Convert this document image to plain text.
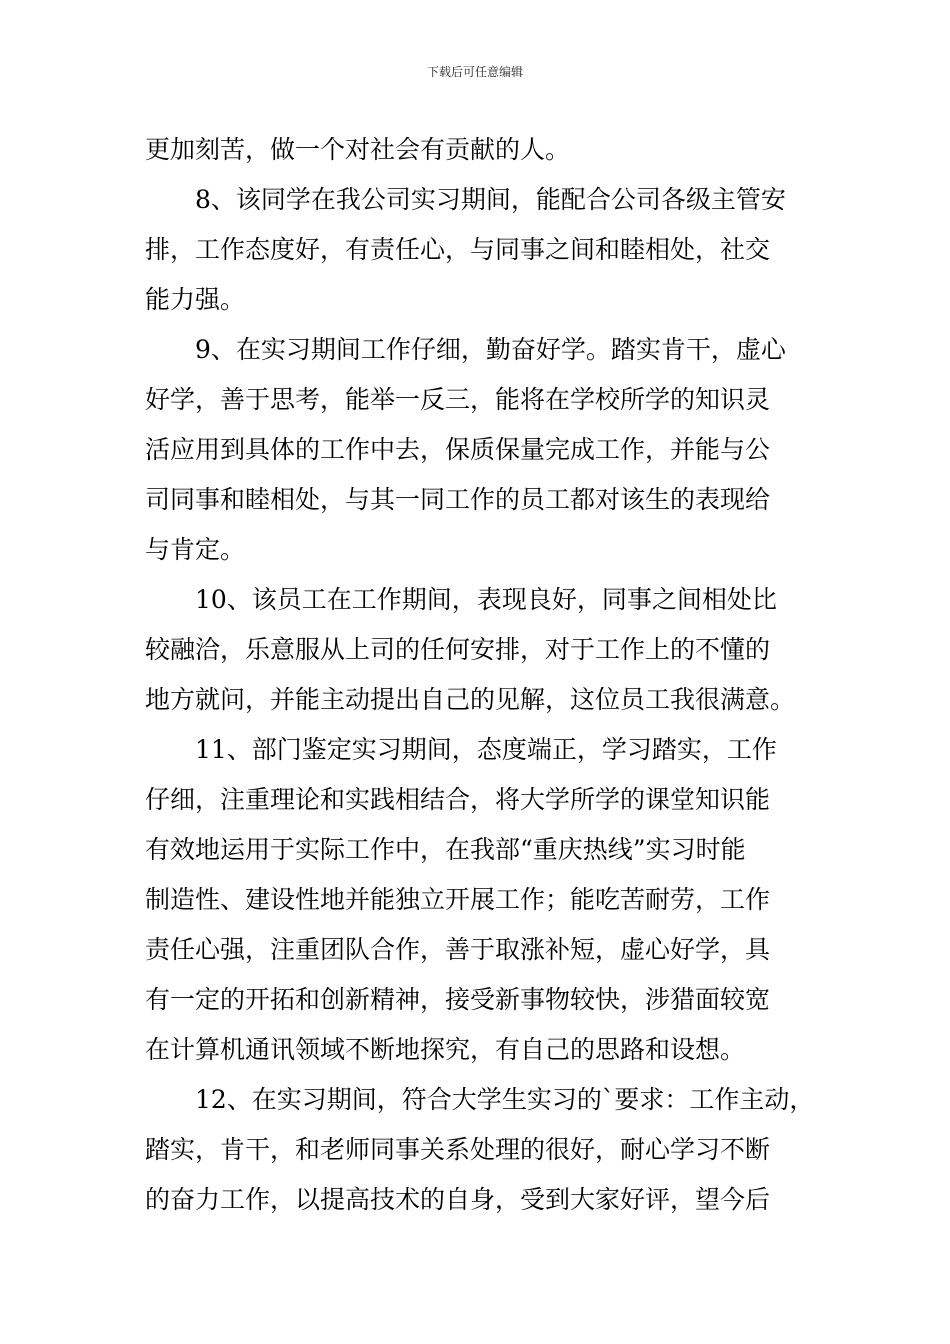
下载后可任意编辑
更加刻苦，做一个对社会有贡献的人。
8、该同学在我公司实习期间，能配合公司各级主管安
排，工作态度好，有责任心，与同事之间和睦相处，社交
能力强。
9、在实习期间工作仔细，勤奋好学。踏实肯干，虚心
好学，善于思考，能举一反三，能将在学校所学的知识灵
活应用到具体的工作中去，保质保量完成工作，并能与公
司同事和睦相处，与其一同工作的员工都对该生的表现给
与肯定。
10、该员工在工作期间，表现良好，同事之间相处比
较融洽，乐意服从上司的任何安排，对于工作上的不懂的
地方就问，并能主动提出自己的见解，这位员工我很满意。
11、部门鉴定实习期间，态度端正，学习踏实，工作
仔细，注重理论和实践相结合，将大学所学的课堂知识能
有效地运用于实际工作中，在我部“重庆热线”实习时能
制造性、建设性地并能独立开展工作；能吃苦耐劳，工作
责任心强，注重团队合作，善于取涨补短，虚心好学，具
有一定的开拓和创新精神，接受新事物较快，涉猎面较宽
在计算机通讯领域不断地探究，有自己的思路和设想。
12、在实习期间，符合大学生实习的`要求：工作主动，
踏实，肯干，和老师同事关系处理的很好，耐心学习不断
的奋力工作，以提高技术的自身，受到大家好评，望今后
